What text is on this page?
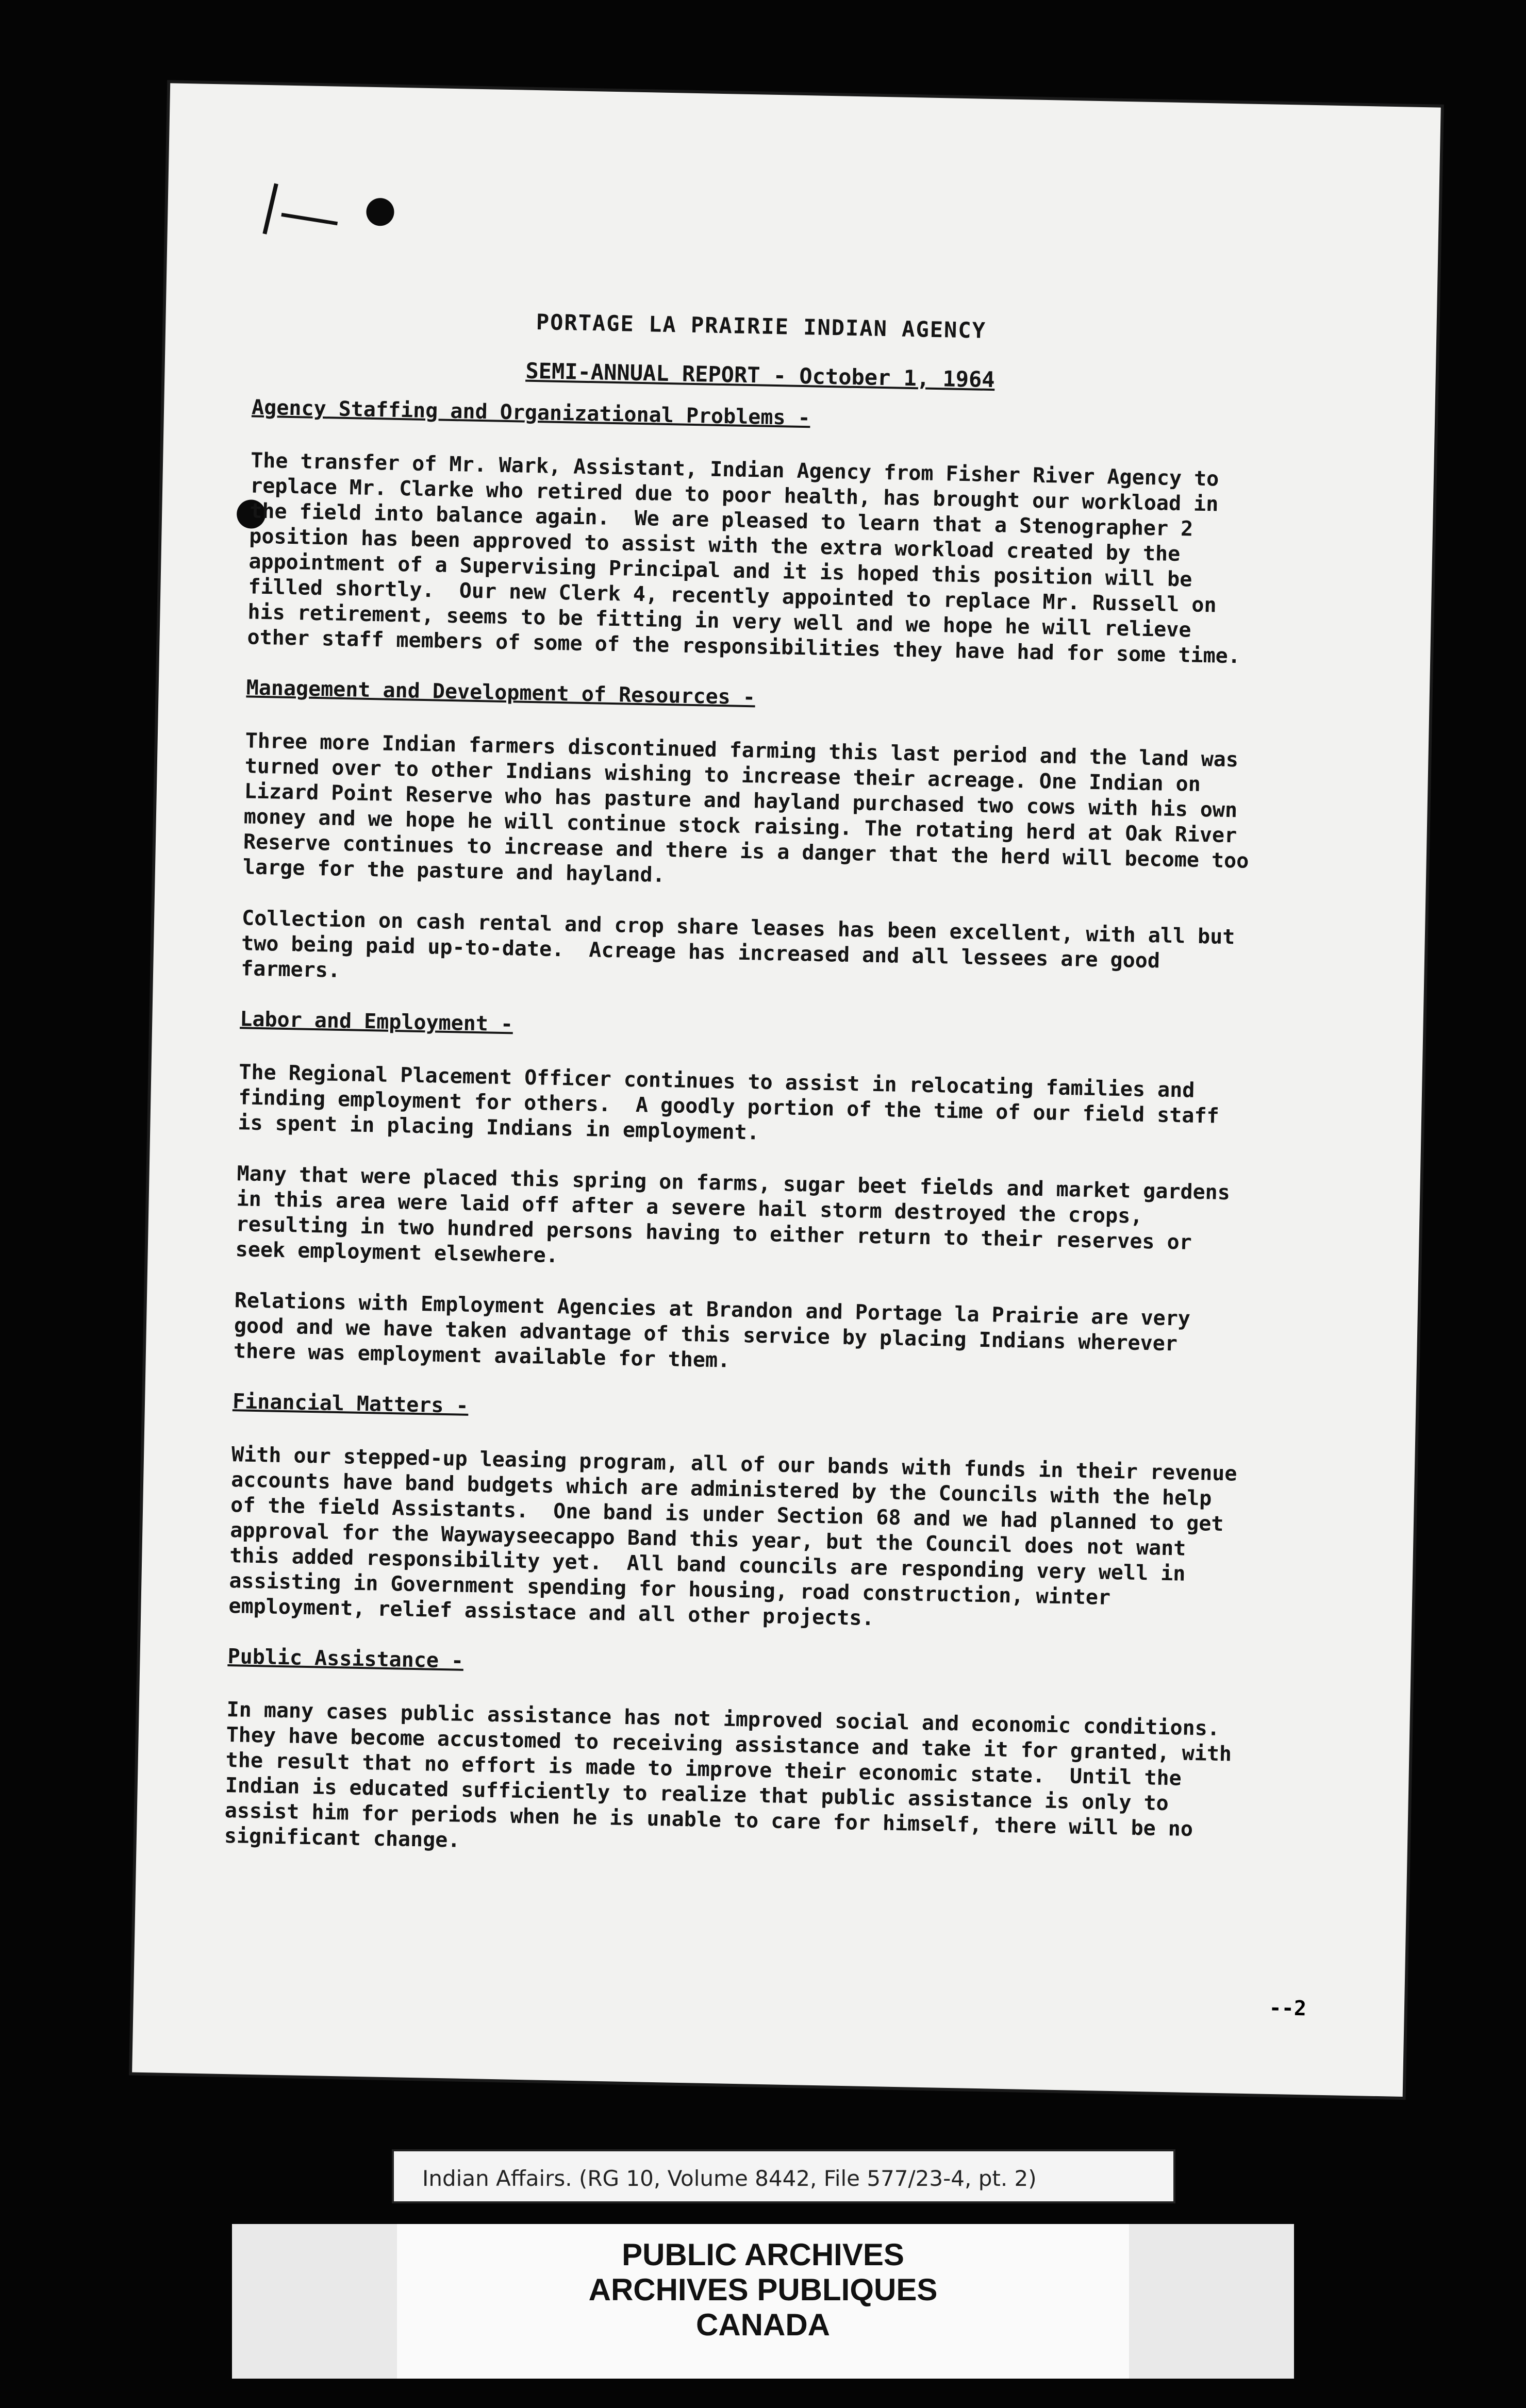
PORTAGE LA PRAIRIE INDIAN AGENCY
SEMI-ANNUAL REPORT - October 1, 1964
Agency Staffing and Organizational Problems -
The transfer of Mr. Wark, Assistant, Indian Agency from Fisher River Agency to replace Mr. Clarke who retired due to poor health, has brought our workload in the field into balance again.  We are pleased to learn that a Stenographer 2 position has been approved to assist with the extra workload created by the appointment of a Supervising Principal and it is hoped this position will be filled shortly.  Our new Clerk 4, recently appointed to replace Mr. Russell on his retirement, seems to be fitting in very well and we hope he will relieve other staff members of some of the responsibilities they have had for some time.
Management and Development of Resources -
Three more Indian farmers discontinued farming this last period and the land was turned over to other Indians wishing to increase their acreage. One Indian on Lizard Point Reserve who has pasture and hayland purchased two cows with his own money and we hope he will continue stock raising. The rotating herd at Oak River Reserve continues to increase and there is a danger that the herd will become too large for the pasture and hayland.
Collection on cash rental and crop share leases has been excellent, with all but two being paid up-to-date.  Acreage has increased and all lessees are good farmers.
Labor and Employment -
The Regional Placement Officer continues to assist in relocating families and finding employment for others.  A goodly portion of the time of our field staff is spent in placing Indians in employment.
Many that were placed this spring on farms, sugar beet fields and market gardens in this area were laid off after a severe hail storm destroyed the crops, resulting in two hundred persons having to either return to their reserves or seek employment elsewhere.
Relations with Employment Agencies at Brandon and Portage la Prairie are very good and we have taken advantage of this service by placing Indians wherever there was employment available for them.
Financial Matters -
With our stepped-up leasing program, all of our bands with funds in their revenue accounts have band budgets which are administered by the Councils with the help of the field Assistants.  One band is under Section 68 and we had planned to get approval for the Waywayseecappo Band this year, but the Council does not want this added responsibility yet.  All band councils are responding very well in assisting in Government spending for housing, road construction, winter employment, relief assistace and all other projects.
Public Assistance -
In many cases public assistance has not improved social and economic conditions.  They have become accustomed to receiving assistance and take it for granted, with the result that no effort is made to improve their economic state.  Until the Indian is educated sufficiently to realize that public assistance is only to assist him for periods when he is unable to care for himself, there will be no significant change.
--2
Indian Affairs. (RG 10, Volume 8442, File 577/23-4, pt. 2)
PUBLIC ARCHIVES
ARCHIVES PUBLIQUES
CANADA
